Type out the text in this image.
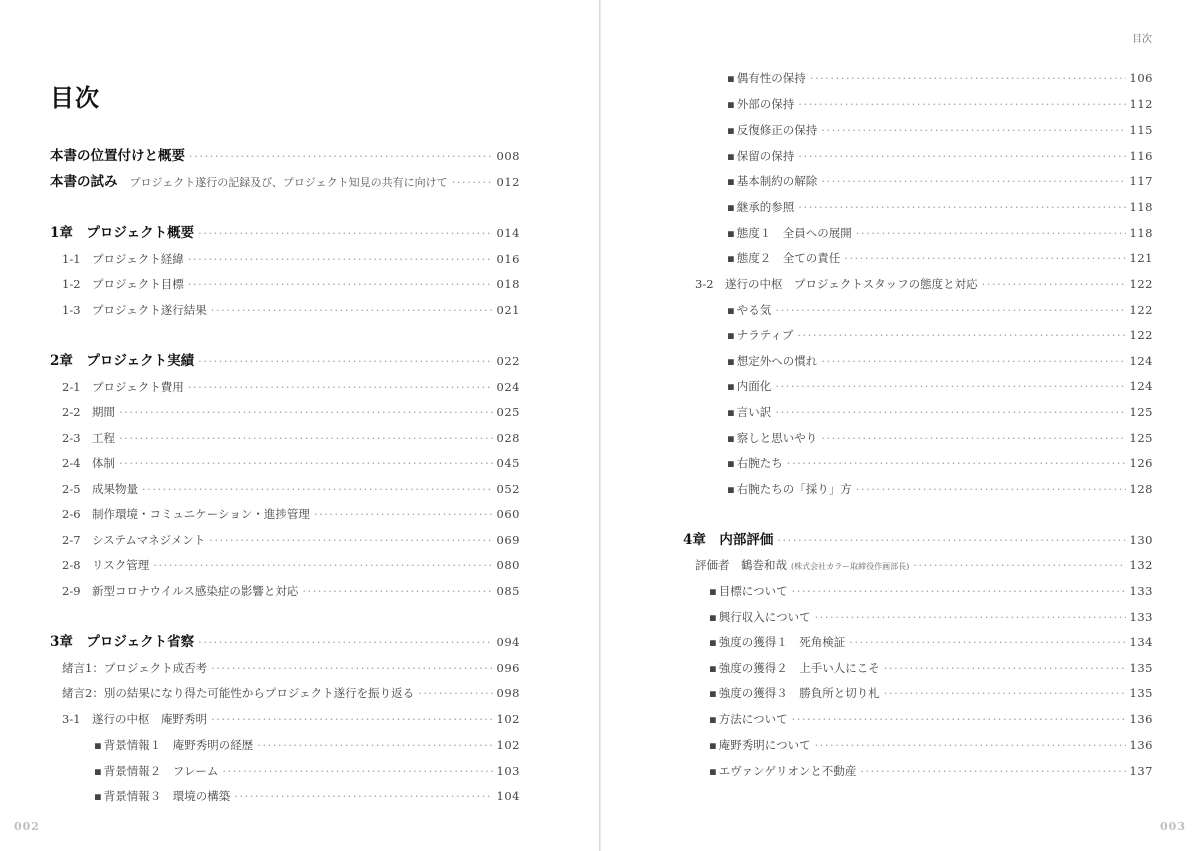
目次
本書の位置付けと概要 ·····	008
本書の試み プロジェクト遂行の記録及び、プロジェクト知見の共有に向けて ·····	012
1章　プロジェクト概要 ·····	014
1-1　プロジェクト経緯 ·····	016
1-2　プロジェクト目標 ·····	018
1-3　プロジェクト遂行結果 ·····	021
2章　プロジェクト実績 ·····	022
2-1　プロジェクト費用 ·····	024
2-2　期間 ·····	025
2-3　工程 ·····	028
2-4　体制 ·····	045
2-5　成果物量 ·····	052
2-6　制作環境・コミュニケーション・進捗管理 ·····	060
2-7　システムマネジメント ·····	069
2-8　リスク管理 ·····	080
2-9　新型コロナウイルス感染症の影響と対応 ·····	085
3章　プロジェクト省察 ·····	094
緒言1：プロジェクト成否考 ·····	096
緒言2：別の結果になり得た可能性からプロジェクト遂行を振り返る ·····	098
3-1　遂行の中枢　庵野秀明 ·····	102
▪ 背景情報１　庵野秀明の経歴 ·····	102
▪ 背景情報２　フレーム ·····	103
▪ 背景情報３　環境の構築 ·····	104
002
目次
▪ 偶有性の保持 ·····	106
▪ 外部の保持 ·····	112
▪ 反復修正の保持 ·····	115
▪ 保留の保持 ·····	116
▪ 基本制約の解除 ·····	117
▪ 継承的参照 ·····	118
▪ 態度１　全員への展開 ·····	118
▪ 態度２　全ての責任 ·····	121
3-2　遂行の中枢　プロジェクトスタッフの態度と対応 ·····	122
▪ やる気 ·····	122
▪ ナラティブ ·····	122
▪ 想定外への慣れ ·····	124
▪ 内面化 ·····	124
▪ 言い訳 ·····	125
▪ 察しと思いやり ·····	125
▪ 右腕たち ·····	126
▪ 右腕たちの「採り」方 ·····	128
4章　内部評価 ·····	130
評価者　鶴巻和哉 (株式会社カラー取締役作画部長) ·····	132
▪ 目標について ·····	133
▪ 興行収入について ·····	133
▪ 強度の獲得１　死角検証 ·····	134
▪ 強度の獲得２　上手い人にこそ ·····	135
▪ 強度の獲得３　勝負所と切り札 ·····	135
▪ 方法について ·····	136
▪ 庵野秀明について ·····	136
▪ エヴァンゲリオンと不動産 ·····	137
003
